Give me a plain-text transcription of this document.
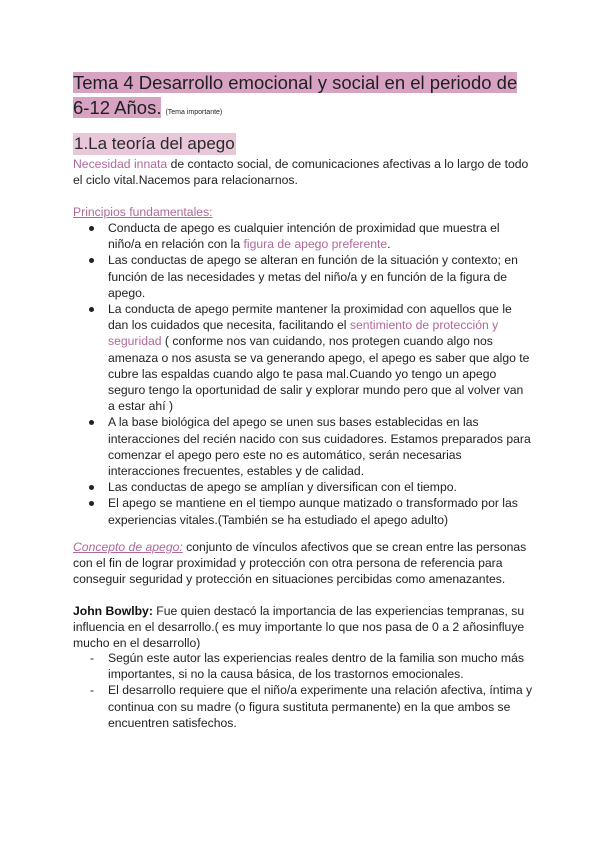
Tema 4 Desarrollo emocional y social en el periodo de 6-12 Años. (Tema importante)
1.La teoría del apego
Necesidad innata de contacto social, de comunicaciones afectivas a lo largo de todo el ciclo vital.Nacemos para relacionarnos.
Principios fundamentales:
Conducta de apego es cualquier intención de proximidad que muestra el niño/a en relación con la figura de apego preferente.
Las conductas de apego se alteran en función de la situación y contexto; en función de las necesidades y metas del niño/a y en función de la figura de apego.
La conducta de apego permite mantener la proximidad con aquellos que le dan los cuidados que necesita, facilitando el sentimiento de protección y seguridad ( conforme nos van cuidando, nos protegen cuando algo nos amenaza o nos asusta se va generando apego, el apego es saber que algo te cubre las espaldas cuando algo te pasa mal.Cuando yo tengo un apego seguro tengo la oportunidad de salir y explorar mundo pero que al volver van a estar ahí )
A la base biológica del apego se unen sus bases establecidas en las interacciones del recién nacido con sus cuidadores. Estamos preparados para comenzar el apego pero este no es automático, serán necesarias interacciones frecuentes, estables y de calidad.
Las conductas de apego se amplían y diversifican con el tiempo.
El apego se mantiene en el tiempo aunque matizado o transformado por las experiencias vitales.(También se ha estudiado el apego adulto)
Concepto de apego: conjunto de vínculos afectivos que se crean entre las personas con el fin de lograr proximidad y protección con otra persona de referencia para conseguir seguridad y protección en situaciones percibidas como amenazantes.
John Bowlby: Fue quien destacó la importancia de las experiencias tempranas, su influencia en el desarrollo.( es muy importante lo que nos pasa de 0 a 2 añosinfluye mucho en el desarrollo)
- Según este autor las experiencias reales dentro de la familia son mucho más importantes, si no la causa básica, de los trastornos emocionales.
- El desarrollo requiere que el niño/a experimente una relación afectiva, íntima y continua con su madre (o figura sustituta permanente) en la que ambos se encuentren satisfechos.
